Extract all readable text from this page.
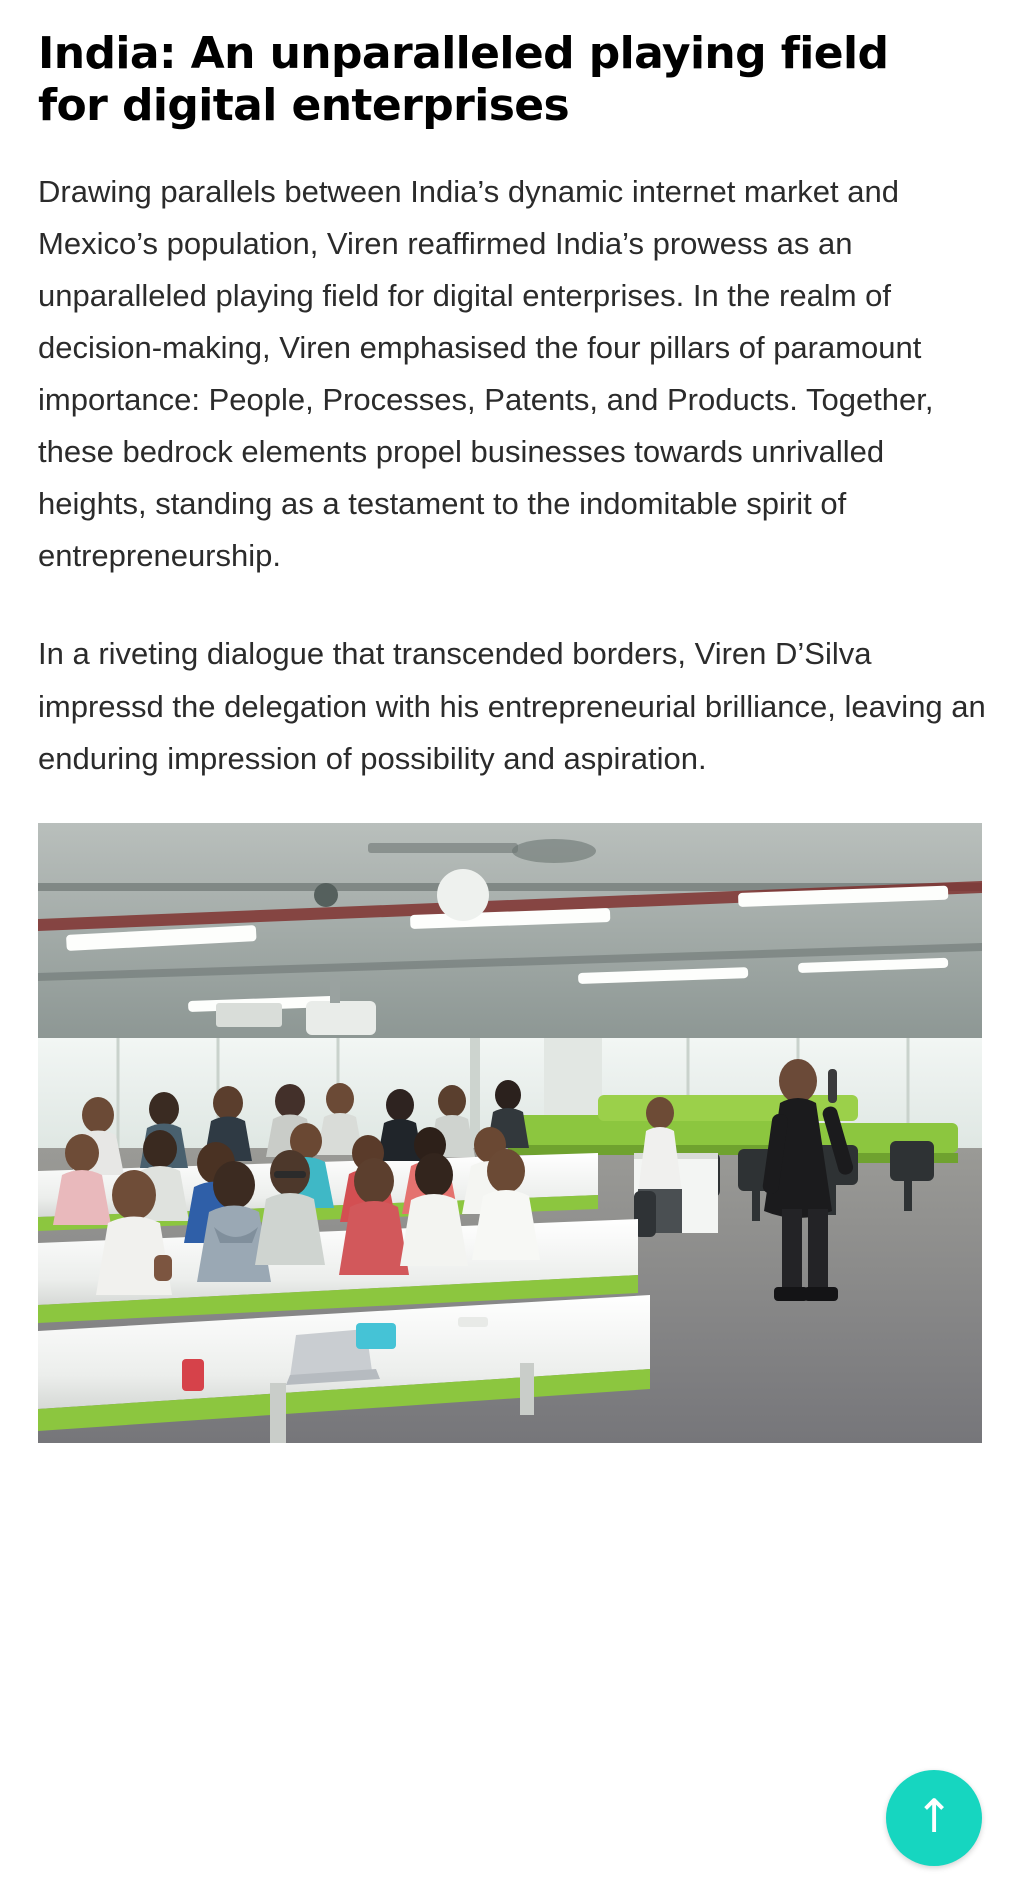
India: An unparalleled playing field for digital enterprises

Drawing parallels between India’s dynamic internet market and Mexico’s population, Viren reaffirmed India’s prowess as an unparalleled playing field for digital enterprises. In the realm of decision-making, Viren emphasised the four pillars of paramount importance: People, Processes, Patents, and Products. Together, these bedrock elements propel businesses towards unrivalled heights, standing as a testament to the indomitable spirit of entrepreneurship.

In a riveting dialogue that transcended borders, Viren D’Silva impressd the delegation with his entrepreneurial brilliance, leaving an enduring impression of possibility and aspiration.

↑
